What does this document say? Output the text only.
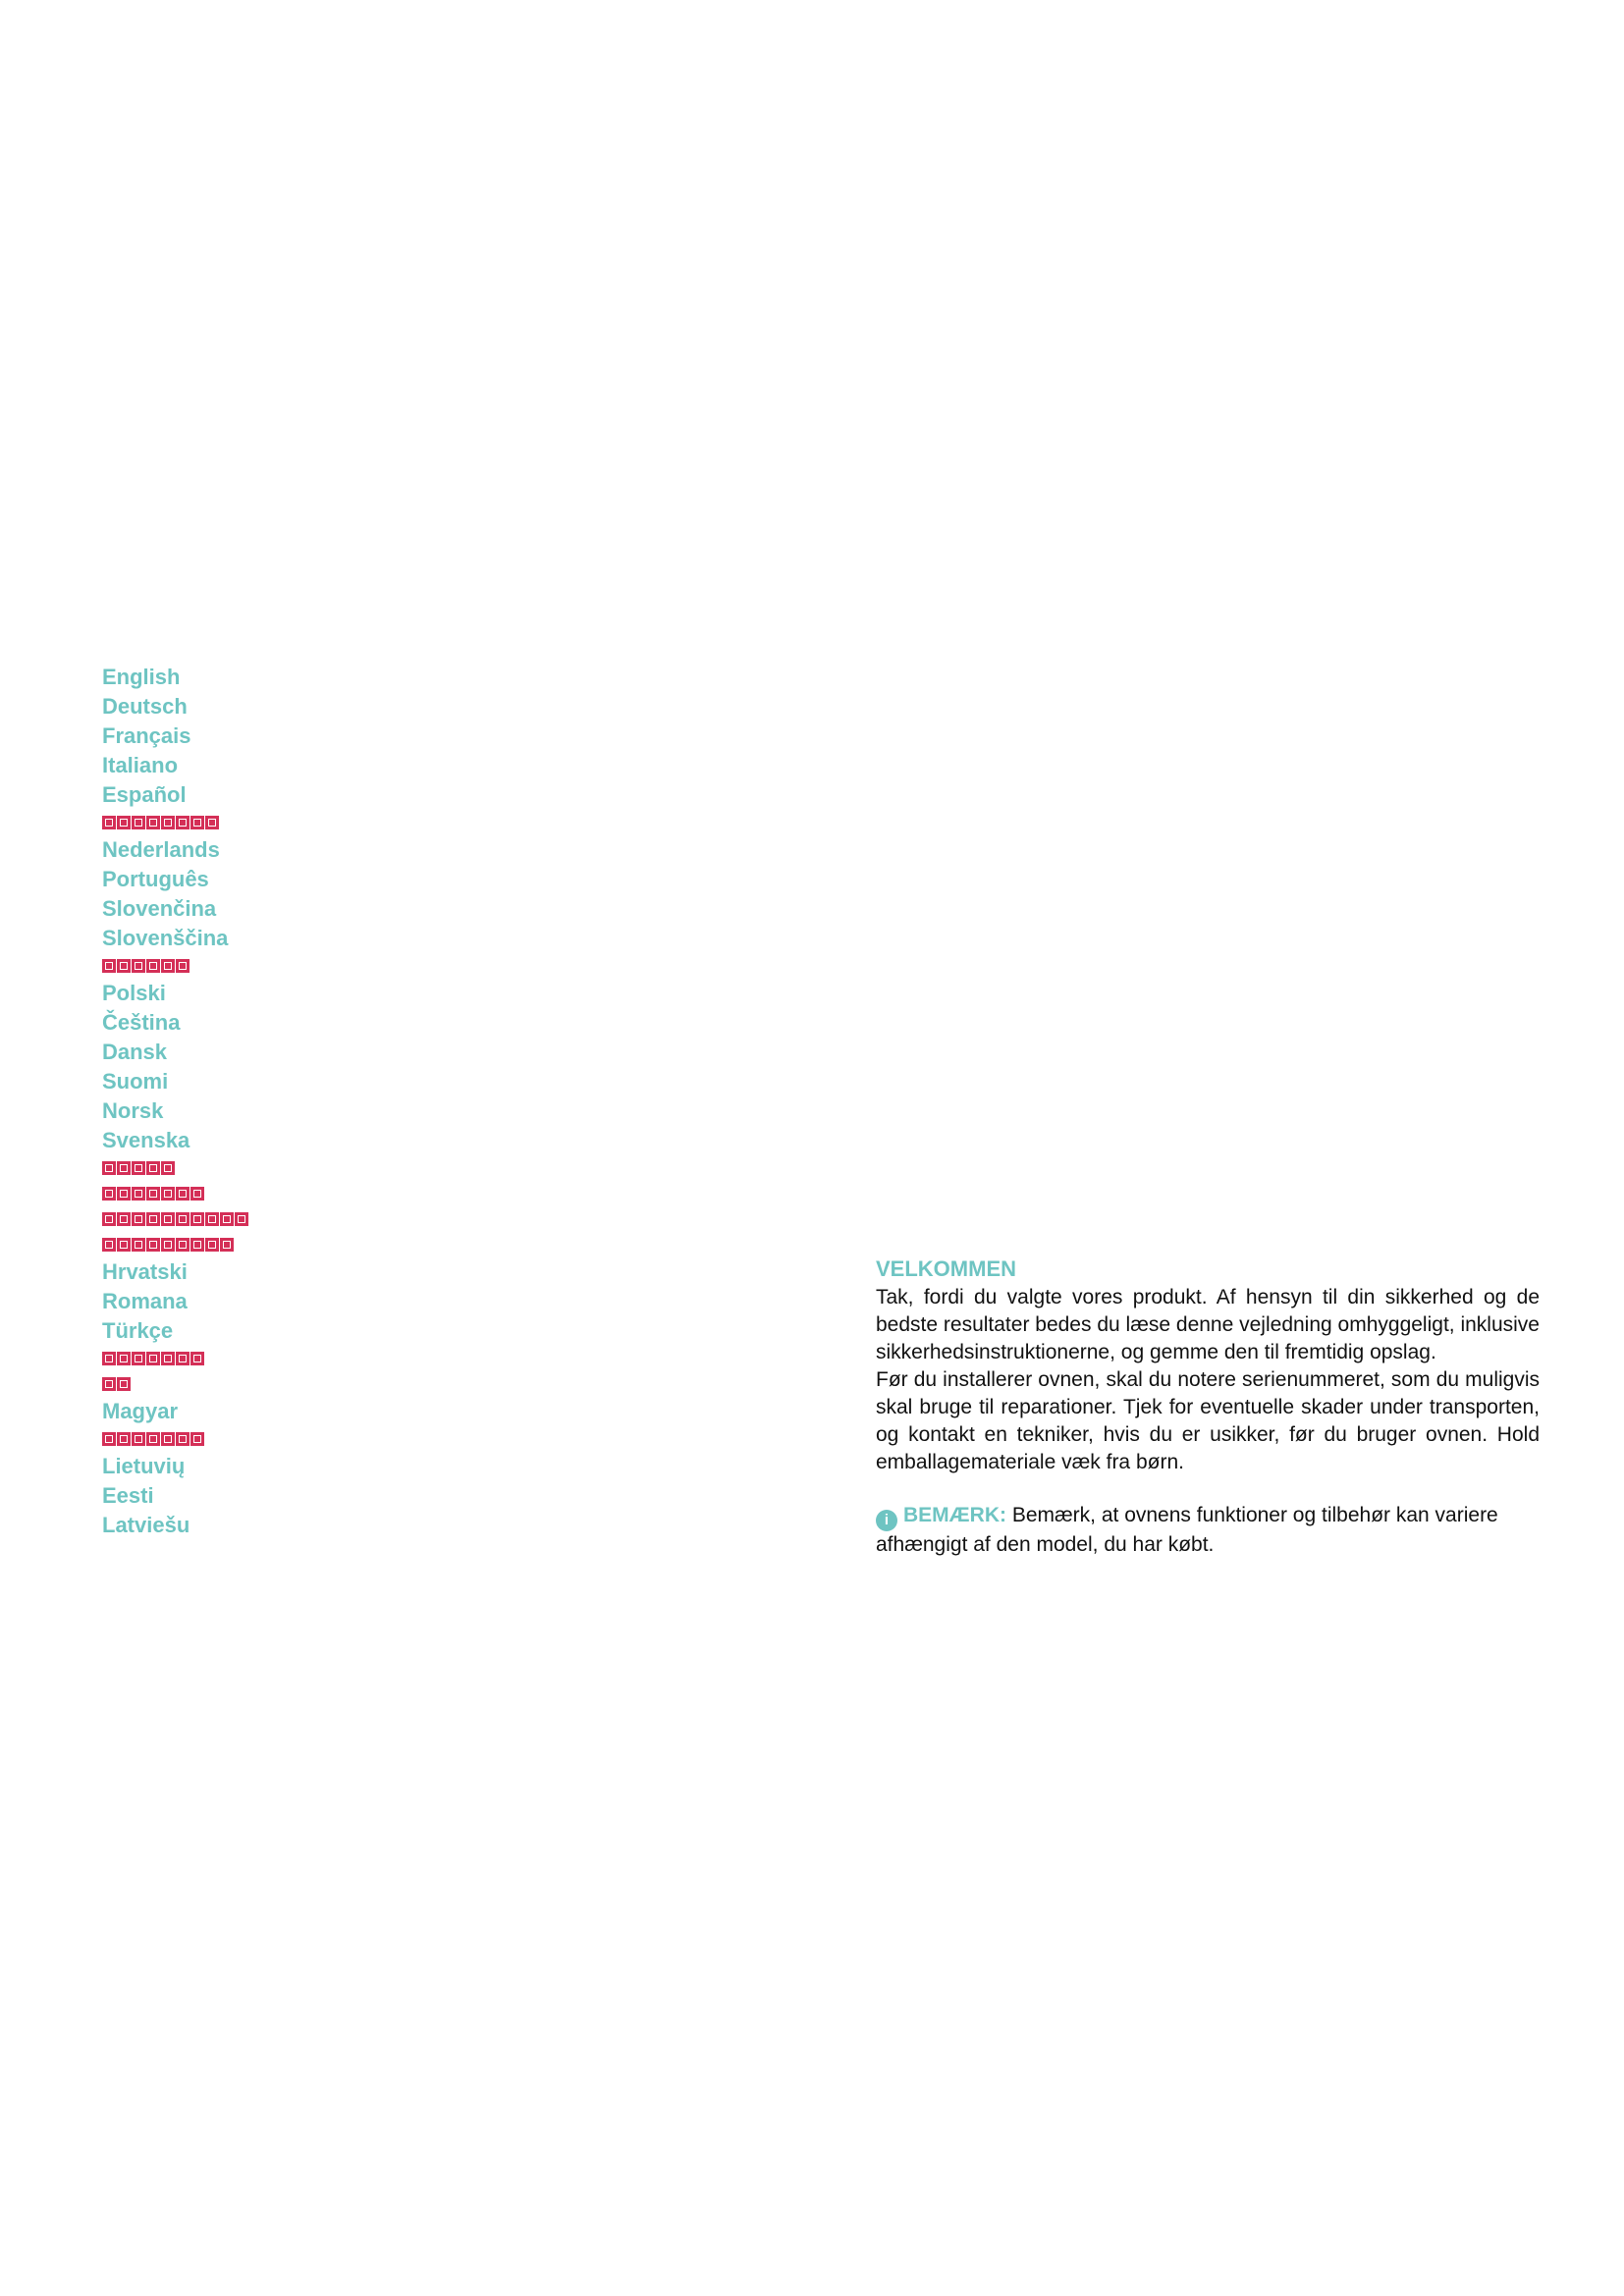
English
Deutsch
Français
Italiano
Español
Nederlands
Português
Slovenčina
Slovenščina
Polski
Čeština
Dansk
Suomi
Norsk
Svenska
Hrvatski
Romana
Türkçe
Magyar
Lietuvių
Eesti
Latviešu
VELKOMMEN

Tak, fordi du valgte vores produkt. Af hensyn til din sikkerhed og de bedste resultater bedes du læse denne vejledning omhyggeligt, inklusive sikkerhedsinstruktionerne, og gemme den til fremtidig opslag.

Før du installerer ovnen, skal du notere serienummeret, som du muligvis skal bruge til reparationer. Tjek for eventuelle skader under transporten, og kontakt en tekniker, hvis du er usikker, før du bruger ovnen. Hold emballagemateriale væk fra børn.

i BEMÆRK: Bemærk, at ovnens funktioner og tilbehør kan variere afhængigt af den model, du har købt.
